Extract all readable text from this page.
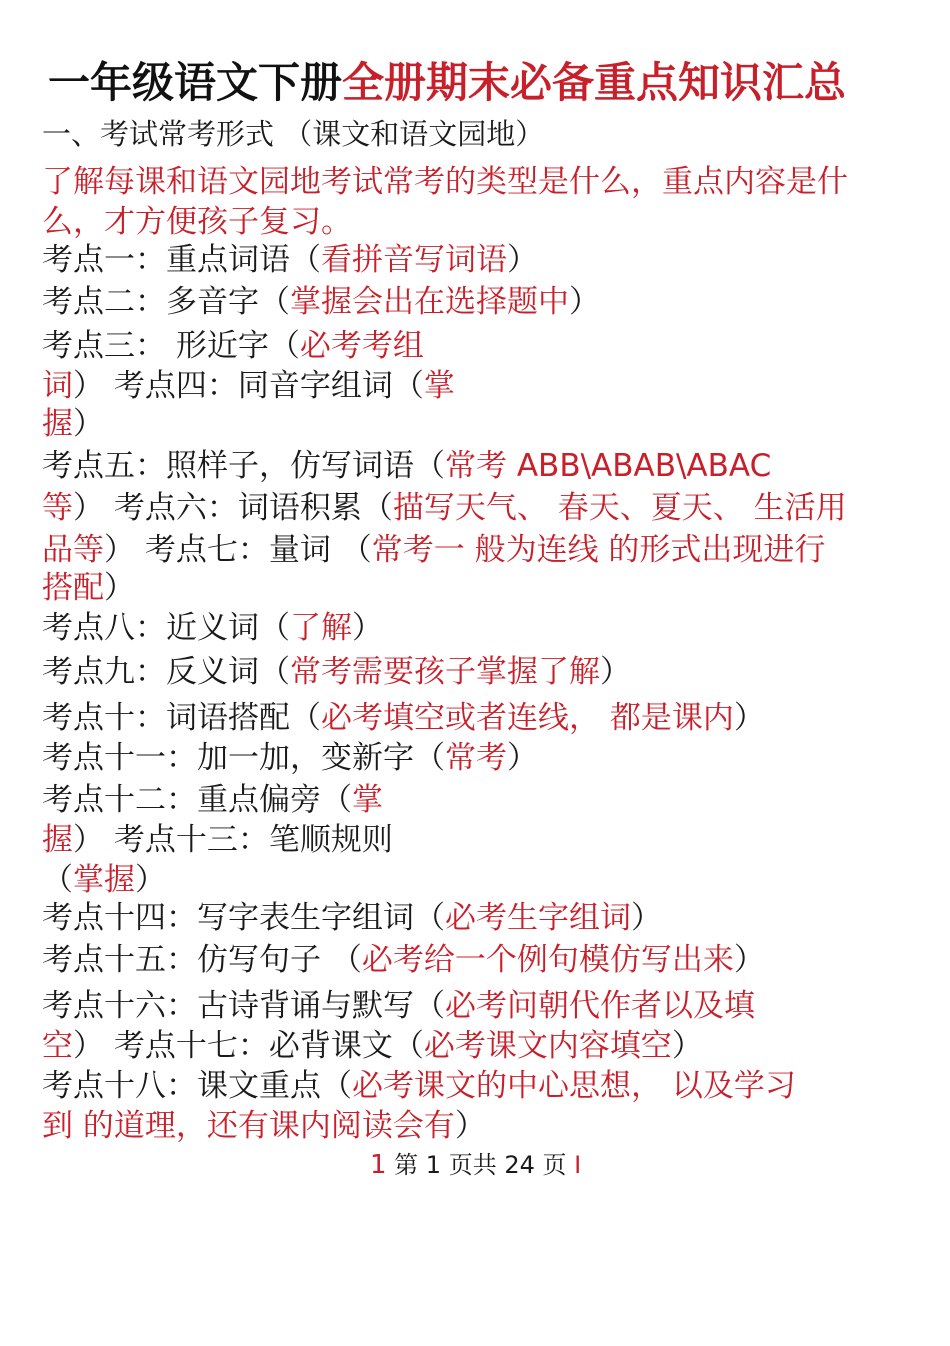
一年级语文下册全册期末必备重点知识汇总
一、考试常考形式 （课文和语文园地）
了解每课和语文园地考试常考的类型是什么，重点内容是什
么，才方便孩子复习。
考点一：重点词语（看拼音写词语）
考点二：多音字（掌握会出在选择题中）
考点三： 形近字（必考考组
词） 考点四：同音字组词（掌
握）
考点五：照样子，仿写词语（常考 ABB\ABAB\ABAC
等） 考点六：词语积累（描写天气、 春天、夏天、 生活用
品等） 考点七：量词 （常考一 般为连线 的形式出现进行
搭配）
考点八：近义词（了解）
考点九：反义词（常考需要孩子掌握了解）
考点十：词语搭配（必考填空或者连线， 都是课内）
考点十一：加一加，变新字（常考）
考点十二：重点偏旁（掌
握） 考点十三：笔顺规则
（掌握）
考点十四：写字表生字组词（必考生字组词）
考点十五：仿写句子 （必考给一个例句模仿写出来）
考点十六：古诗背诵与默写（必考问朝代作者以及填
空） 考点十七：必背课文（必考课文内容填空）
考点十八：课文重点（必考课文的中心思想， 以及学习
到 的道理，还有课内阅读会有）
1 第 1 页共 24 页 I
